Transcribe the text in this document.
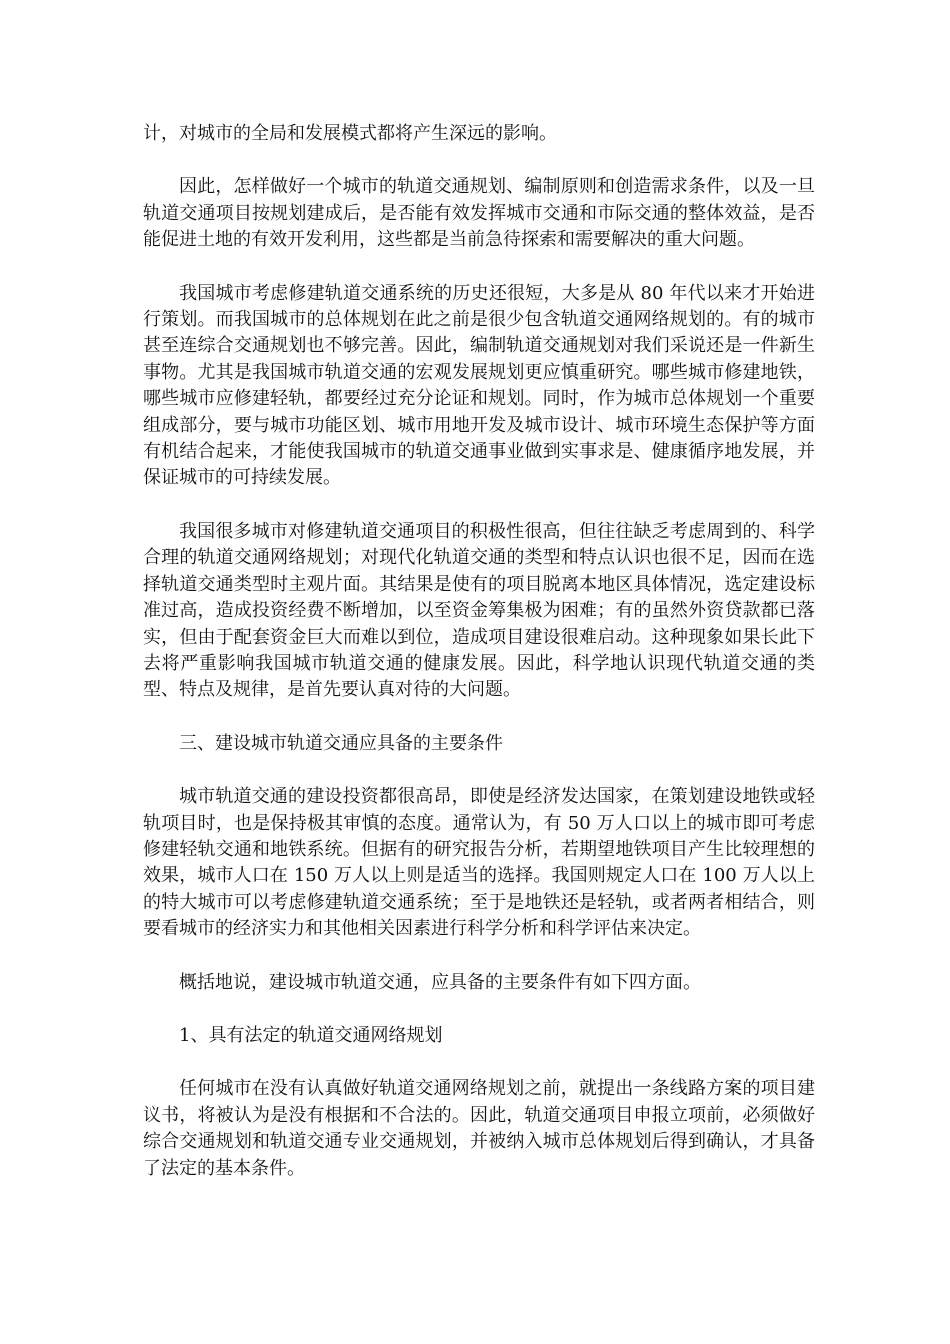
计，对城市的全局和发展模式都将产生深远的影响。

因此，怎样做好一个城市的轨道交通规划、编制原则和创造需求条件，以及一旦轨道交通项目按规划建成后，是否能有效发挥城市交通和市际交通的整体效益，是否能促进土地的有效开发利用，这些都是当前急待探索和需要解决的重大问题。

我国城市考虑修建轨道交通系统的历史还很短，大多是从 80 年代以来才开始进行策划。而我国城市的总体规划在此之前是很少包含轨道交通网络规划的。有的城市甚至连综合交通规划也不够完善。因此，编制轨道交通规划对我们采说还是一件新生事物。尤其是我国城市轨道交通的宏观发展规划更应慎重研究。哪些城市修建地铁，哪些城市应修建轻轨，都要经过充分论证和规划。同时，作为城市总体规划一个重要组成部分，要与城市功能区划、城市用地开发及城市设计、城市环境生态保护等方面有机结合起来，才能使我国城市的轨道交通事业做到实事求是、健康循序地发展，并保证城市的可持续发展。

我国很多城市对修建轨道交通项目的积极性很高，但往往缺乏考虑周到的、科学合理的轨道交通网络规划；对现代化轨道交通的类型和特点认识也很不足，因而在选择轨道交通类型时主观片面。其结果是使有的项目脱离本地区具体情况，选定建设标准过高，造成投资经费不断增加，以至资金筹集极为困难；有的虽然外资贷款都已落实，但由于配套资金巨大而难以到位，造成项目建设很难启动。这种现象如果长此下去将严重影响我国城市轨道交通的健康发展。因此，科学地认识现代轨道交通的类型、特点及规律，是首先要认真对待的大问题。

三、建设城市轨道交通应具备的主要条件

城市轨道交通的建设投资都很高昂，即使是经济发达国家，在策划建设地铁或轻轨项目时，也是保持极其审慎的态度。通常认为，有 50 万人口以上的城市即可考虑修建轻轨交通和地铁系统。但据有的研究报告分析，若期望地铁项目产生比较理想的效果，城市人口在 150 万人以上则是适当的选择。我国则规定人口在 100 万人以上的特大城市可以考虑修建轨道交通系统；至于是地铁还是轻轨，或者两者相结合，则要看城市的经济实力和其他相关因素进行科学分析和科学评估来决定。

概括地说，建设城市轨道交通，应具备的主要条件有如下四方面。

1、具有法定的轨道交通网络规划

任何城市在没有认真做好轨道交通网络规划之前，就提出一条线路方案的项目建议书，将被认为是没有根据和不合法的。因此，轨道交通项目申报立项前，必须做好综合交通规划和轨道交通专业交通规划，并被纳入城市总体规划后得到确认，才具备了法定的基本条件。
